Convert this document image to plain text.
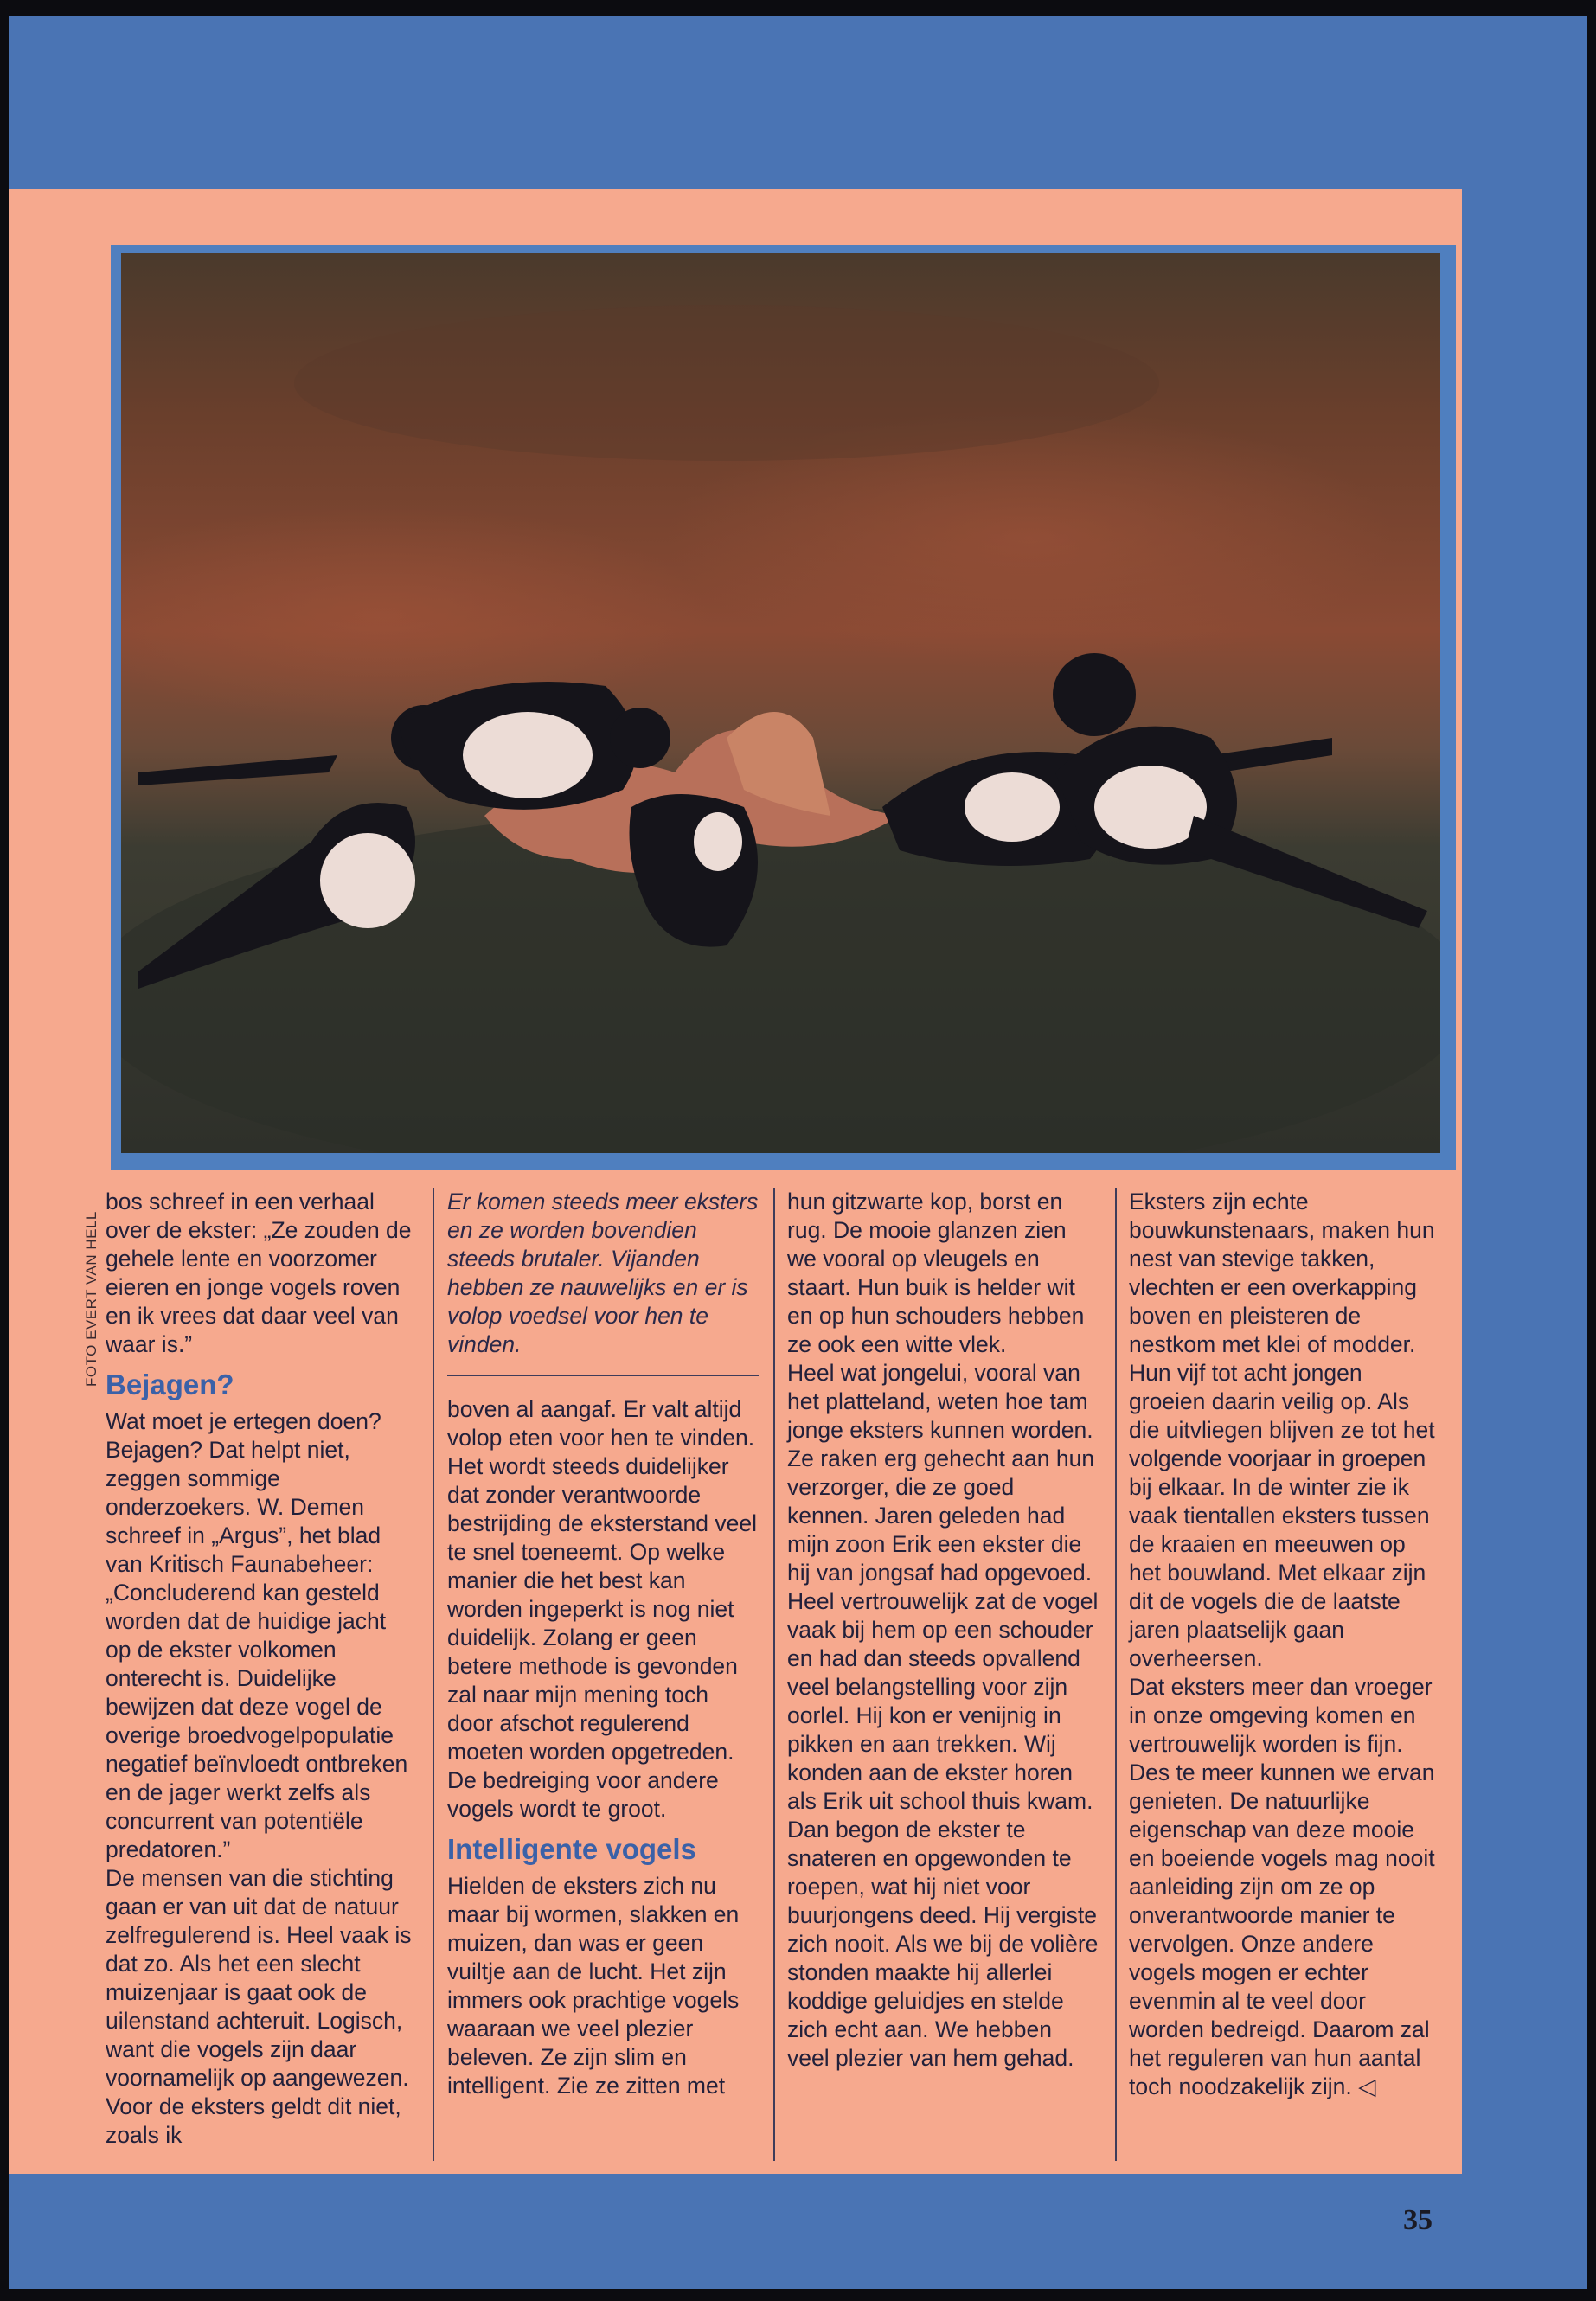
FOTO EVERT VAN HELL

bos schreef in een verhaal over de ekster: „Ze zouden de gehele lente en voorzomer eieren en jonge vogels roven en ik vrees dat daar veel van waar is.”

Bejagen?

Wat moet je ertegen doen? Bejagen? Dat helpt niet, zeggen sommige onderzoekers. W. Demen schreef in „Argus”, het blad van Kritisch Faunabeheer: „Concluderend kan gesteld worden dat de huidige jacht op de ekster volkomen onterecht is. Duidelijke bewijzen dat deze vogel de overige broedvogelpopulatie negatief beïnvloedt ontbreken en de jager werkt zelfs als concurrent van potentiële predatoren.”

De mensen van die stichting gaan er van uit dat de natuur zelfregulerend is. Heel vaak is dat zo. Als het een slecht muizenjaar is gaat ook de uilenstand achteruit. Logisch, want die vogels zijn daar voornamelijk op aangewezen. Voor de eksters geldt dit niet, zoals ik

Er komen steeds meer eksters en ze worden bovendien steeds brutaler. Vijanden hebben ze nauwelijks en er is volop voedsel voor hen te vinden.

boven al aangaf. Er valt altijd volop eten voor hen te vinden. Het wordt steeds duidelijker dat zonder verantwoorde bestrijding de eksterstand veel te snel toeneemt. Op welke manier die het best kan worden ingeperkt is nog niet duidelijk. Zolang er geen betere methode is gevonden zal naar mijn mening toch door afschot regulerend moeten worden opgetreden. De bedreiging voor andere vogels wordt te groot.

Intelligente vogels

Hielden de eksters zich nu maar bij wormen, slakken en muizen, dan was er geen vuiltje aan de lucht. Het zijn immers ook prachtige vogels waaraan we veel plezier beleven. Ze zijn slim en intelligent. Zie ze zitten met

hun gitzwarte kop, borst en rug. De mooie glanzen zien we vooral op vleugels en staart. Hun buik is helder wit en op hun schouders hebben ze ook een witte vlek.

Heel wat jongelui, vooral van het platteland, weten hoe tam jonge eksters kunnen worden. Ze raken erg gehecht aan hun verzorger, die ze goed kennen. Jaren geleden had mijn zoon Erik een ekster die hij van jongsaf had opgevoed. Heel vertrouwelijk zat de vogel vaak bij hem op een schouder en had dan steeds opvallend veel belangstelling voor zijn oorlel. Hij kon er venijnig in pikken en aan trekken. Wij konden aan de ekster horen als Erik uit school thuis kwam. Dan begon de ekster te snateren en opgewonden te roepen, wat hij niet voor buurjongens deed. Hij vergiste zich nooit. Als we bij de volière stonden maakte hij allerlei koddige geluidjes en stelde zich echt aan. We hebben veel plezier van hem gehad.

Eksters zijn echte bouwkunstenaars, maken hun nest van stevige takken, vlechten er een overkapping boven en pleisteren de nestkom met klei of modder. Hun vijf tot acht jongen groeien daarin veilig op. Als die uitvliegen blijven ze tot het volgende voorjaar in groepen bij elkaar. In de winter zie ik vaak tientallen eksters tussen de kraaien en meeuwen op het bouwland. Met elkaar zijn dit de vogels die de laatste jaren plaatselijk gaan overheersen.

Dat eksters meer dan vroeger in onze omgeving komen en vertrouwelijk worden is fijn. Des te meer kunnen we ervan genieten. De natuurlijke eigenschap van deze mooie en boeiende vogels mag nooit aanleiding zijn om ze op onverantwoorde manier te vervolgen. Onze andere vogels mogen er echter evenmin al te veel door worden bedreigd. Daarom zal het reguleren van hun aantal toch noodzakelijk zijn. ◁

35
